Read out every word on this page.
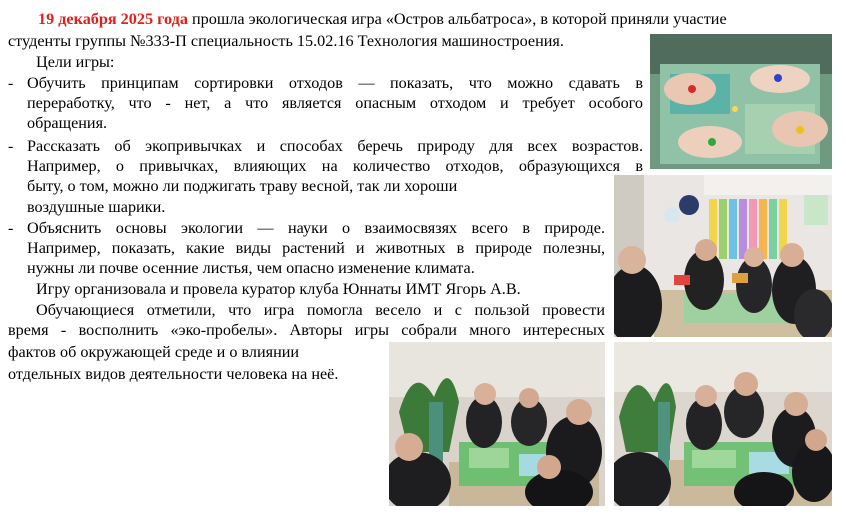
19 декабря 2025 года прошла экологическая игра «Остров альбатроса», в которой приняли участие
студенты группы №333-П специальность 15.02.16 Технология машиностроения.
Цели игры:
- Обучить принципам сортировки отходов — показать, что можно сдавать в
переработку, что - нет, а что является опасным отходом и требует особого
обращения.
- Рассказать об экопривычках и способах беречь природу для всех возрастов.
Например, о привычках, влияющих на количество отходов, образующихся в
быту, о том, можно ли поджигать траву весной, так ли хороши
воздушные шарики.
- Объяснить основы экологии — науки о взаимосвязях всего в природе.
Например, показать, какие виды растений и животных в природе полезны,
нужны ли почве осенние листья, чем опасно изменение климата.
Игру организовала и провела куратор клуба Юннаты ИМТ Ягорь А.В.
Обучающиеся отметили, что игра помогла весело и с пользой провести
время - восполнить «эко-пробелы». Авторы игры собрали много интересных
фактов об окружающей среде и о влиянии
отдельных видов деятельности человека на неё.
